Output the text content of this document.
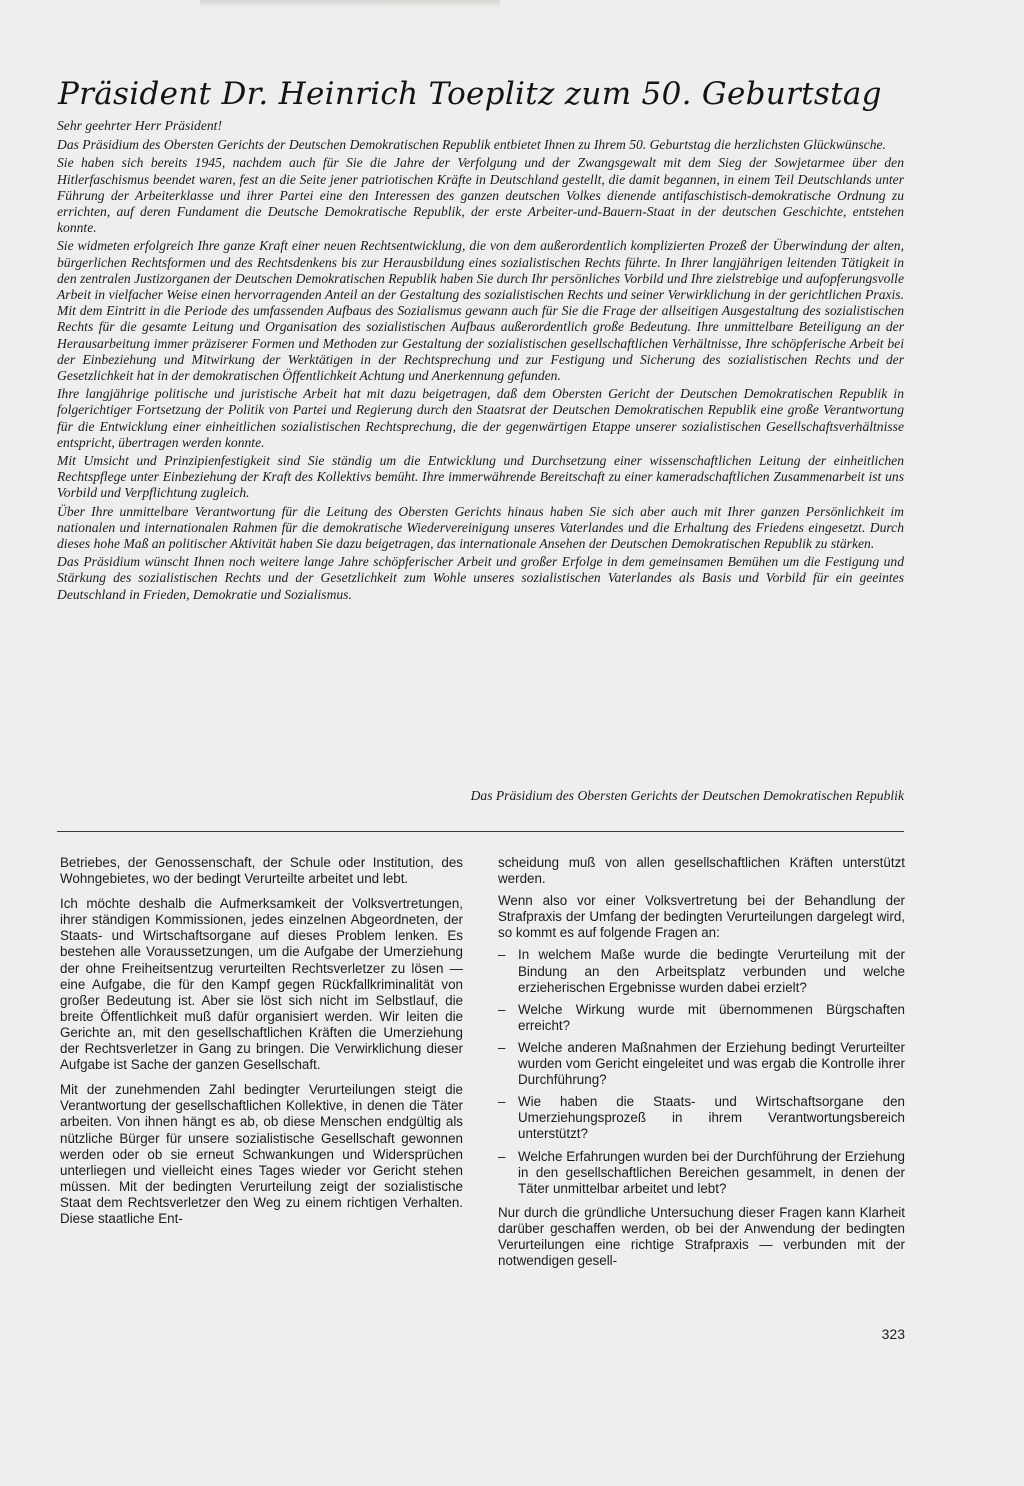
Präsident Dr. Heinrich Toeplitz zum 50. Geburtstag

Sehr geehrter Herr Präsident!

Das Präsidium des Obersten Gerichts der Deutschen Demokratischen Republik entbietet Ihnen zu Ihrem 50. Geburtstag die herzlichsten Glückwünsche.

Sie haben sich bereits 1945, nachdem auch für Sie die Jahre der Verfolgung und der Zwangsgewalt mit dem Sieg der Sowjetarmee über den Hitlerfaschismus beendet waren, fest an die Seite jener patriotischen Kräfte in Deutschland gestellt, die damit begannen, in einem Teil Deutschlands unter Führung der Arbeiterklasse und ihrer Partei eine den Interessen des ganzen deutschen Volkes dienende antifaschistisch-demokratische Ordnung zu errichten, auf deren Fundament die Deutsche Demokratische Republik, der erste Arbeiter-und-Bauern-Staat in der deutschen Geschichte, entstehen konnte.

Sie widmeten erfolgreich Ihre ganze Kraft einer neuen Rechtsentwicklung, die von dem außerordentlich komplizierten Prozeß der Überwindung der alten, bürgerlichen Rechtsformen und des Rechtsdenkens bis zur Herausbildung eines sozialistischen Rechts führte. In Ihrer langjährigen leitenden Tätigkeit in den zentralen Justizorganen der Deutschen Demokratischen Republik haben Sie durch Ihr persönliches Vorbild und Ihre zielstrebige und aufopferungsvolle Arbeit in vielfacher Weise einen hervorragenden Anteil an der Gestaltung des sozialistischen Rechts und seiner Verwirklichung in der gerichtlichen Praxis. Mit dem Eintritt in die Periode des umfassenden Aufbaus des Sozialismus gewann auch für Sie die Frage der allseitigen Ausgestaltung des sozialistischen Rechts für die gesamte Leitung und Organisation des sozialistischen Aufbaus außerordentlich große Bedeutung. Ihre unmittelbare Beteiligung an der Herausarbeitung immer präziserer Formen und Methoden zur Gestaltung der sozialistischen gesellschaftlichen Verhältnisse, Ihre schöpferische Arbeit bei der Einbeziehung und Mitwirkung der Werktätigen in der Rechtsprechung und zur Festigung und Sicherung des sozialistischen Rechts und der Gesetzlichkeit hat in der demokratischen Öffentlichkeit Achtung und Anerkennung gefunden.

Ihre langjährige politische und juristische Arbeit hat mit dazu beigetragen, daß dem Obersten Gericht der Deutschen Demokratischen Republik in folgerichtiger Fortsetzung der Politik von Partei und Regierung durch den Staatsrat der Deutschen Demokratischen Republik eine große Verantwortung für die Entwicklung einer einheitlichen sozialistischen Rechtsprechung, die der gegenwärtigen Etappe unserer sozialistischen Gesellschaftsverhältnisse entspricht, übertragen werden konnte.

Mit Umsicht und Prinzipienfestigkeit sind Sie ständig um die Entwicklung und Durchsetzung einer wissenschaftlichen Leitung der einheitlichen Rechtspflege unter Einbeziehung der Kraft des Kollektivs bemüht. Ihre immerwährende Bereitschaft zu einer kameradschaftlichen Zusammenarbeit ist uns Vorbild und Verpflichtung zugleich.

Über Ihre unmittelbare Verantwortung für die Leitung des Obersten Gerichts hinaus haben Sie sich aber auch mit Ihrer ganzen Persönlichkeit im nationalen und internationalen Rahmen für die demokratische Wiedervereinigung unseres Vaterlandes und die Erhaltung des Friedens eingesetzt. Durch dieses hohe Maß an politischer Aktivität haben Sie dazu beigetragen, das internationale Ansehen der Deutschen Demokratischen Republik zu stärken.

Das Präsidium wünscht Ihnen noch weitere lange Jahre schöpferischer Arbeit und großer Erfolge in dem gemeinsamen Bemühen um die Festigung und Stärkung des sozialistischen Rechts und der Gesetzlichkeit zum Wohle unseres sozialistischen Vaterlandes als Basis und Vorbild für ein geeintes Deutschland in Frieden, Demokratie und Sozialismus.

Das Präsidium des Obersten Gerichts der Deutschen Demokratischen Republik

Betriebes, der Genossenschaft, der Schule oder Institution, des Wohngebietes, wo der bedingt Verurteilte arbeitet und lebt.

Ich möchte deshalb die Aufmerksamkeit der Volksvertretungen, ihrer ständigen Kommissionen, jedes einzelnen Abgeordneten, der Staats- und Wirtschaftsorgane auf dieses Problem lenken. Es bestehen alle Voraussetzungen, um die Aufgabe der Umerziehung der ohne Freiheitsentzug verurteilten Rechtsverletzer zu lösen — eine Aufgabe, die für den Kampf gegen Rückfallkriminalität von großer Bedeutung ist. Aber sie löst sich nicht im Selbstlauf, die breite Öffentlichkeit muß dafür organisiert werden. Wir leiten die Gerichte an, mit den gesellschaftlichen Kräften die Umerziehung der Rechtsverletzer in Gang zu bringen. Die Verwirklichung dieser Aufgabe ist Sache der ganzen Gesellschaft.

Mit der zunehmenden Zahl bedingter Verurteilungen steigt die Verantwortung der gesellschaftlichen Kollektive, in denen die Täter arbeiten. Von ihnen hängt es ab, ob diese Menschen endgültig als nützliche Bürger für unsere sozialistische Gesellschaft gewonnen werden oder ob sie erneut Schwankungen und Widersprüchen unterliegen und vielleicht eines Tages wieder vor Gericht stehen müssen. Mit der bedingten Verurteilung zeigt der sozialistische Staat dem Rechtsverletzer den Weg zu einem richtigen Verhalten. Diese staatliche Ent-

scheidung muß von allen gesellschaftlichen Kräften unterstützt werden.

Wenn also vor einer Volksvertretung bei der Behandlung der Strafpraxis der Umfang der bedingten Verurteilungen dargelegt wird, so kommt es auf folgende Fragen an:

– In welchem Maße wurde die bedingte Verurteilung mit der Bindung an den Arbeitsplatz verbunden und welche erzieherischen Ergebnisse wurden dabei erzielt?
– Welche Wirkung wurde mit übernommenen Bürgschaften erreicht?
– Welche anderen Maßnahmen der Erziehung bedingt Verurteilter wurden vom Gericht eingeleitet und was ergab die Kontrolle ihrer Durchführung?
– Wie haben die Staats- und Wirtschaftsorgane den Umerziehungsprozeß in ihrem Verantwortungsbereich unterstützt?
– Welche Erfahrungen wurden bei der Durchführung der Erziehung in den gesellschaftlichen Bereichen gesammelt, in denen der Täter unmittelbar arbeitet und lebt?

Nur durch die gründliche Untersuchung dieser Fragen kann Klarheit darüber geschaffen werden, ob bei der Anwendung der bedingten Verurteilungen eine richtige Strafpraxis — verbunden mit der notwendigen gesell-

323
